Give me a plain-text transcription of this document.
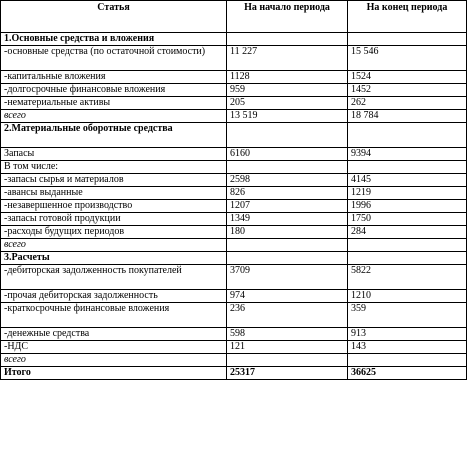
Статья	На начало периода	На конец периода
1.Основные средства и вложения		
-основные средства (по остаточной стоимости)	11 227	15 546
-капитальные вложения	1128	1524
-долгосрочные финансовые вложения	959	1452
-нематериальные активы	205	262
всего	13 519	18 784
2.Материальные оборотные средства		
Запасы	6160	9394
В том числе:		
-запасы сырья и материалов	2598	4145
-авансы выданные	826	1219
-незавершенное производство	1207	1996
-запасы готовой продукции	1349	1750
-расходы будущих периодов	180	284
всего		
3.Расчеты		
-дебиторская задолженность покупателей	3709	5822
-прочая дебиторская задолженность	974	1210
-краткосрочные финансовые вложения	236	359
-денежные средства	598	913
-НДС	121	143
всего		
Итого	25317	36625
